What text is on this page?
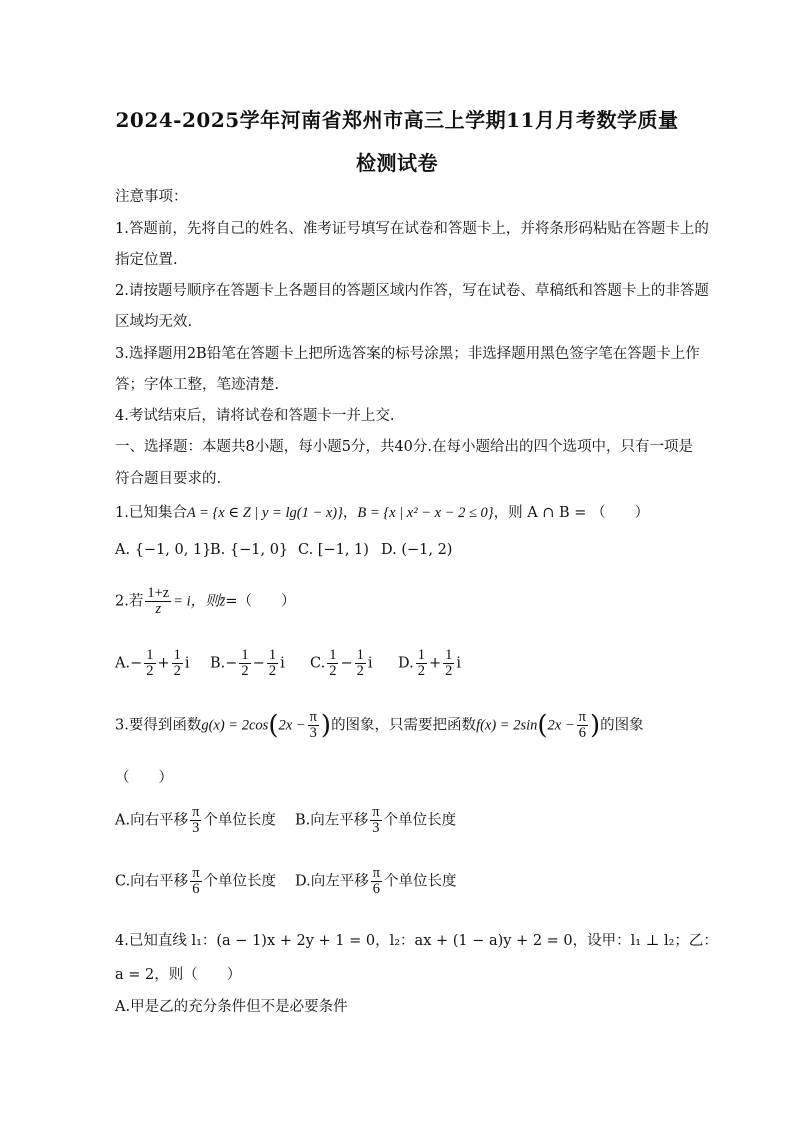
2024-2025学年河南省郑州市高三上学期11月月考数学质量
检测试卷
注意事项：
1.答题前，先将自己的姓名、准考证号填写在试卷和答题卡上，并将条形码粘贴在答题卡上的
指定位置.
2.请按题号顺序在答题卡上各题目的答题区域内作答，写在试卷、草稿纸和答题卡上的非答题
区域均无效.
3.选择题用2B铅笔在答题卡上把所选答案的标号涂黑；非选择题用黑色签字笔在答题卡上作
答；字体工整，笔迹清楚.
4.考试结束后，请将试卷和答题卡一并上交.
一、选择题：本题共8小题，每小题5分，共40分.在每小题给出的四个选项中，只有一项是
符合题目要求的.
1.已知集合A = {x ∈ Z | y = lg(1 − x)}，B = {x | x² − x − 2 ≤ 0}，则 A ∩ B = （　　）
A. {−1, 0, 1}B. {−1, 0} C. [−1, 1) D. (−1, 2)
2.若 $\frac{1+z}{z} = i$，则z̄=（　　）
$A.- \frac{1}{2} + \frac{1}{2}$ i $B.- \frac{1}{2} - \frac{1}{2}$ i C. $\frac{1}{2} - \frac{1}{2}$ i D. $\frac{1}{2} + \frac{1}{2}$ i
3.要得到函数$g(x) = 2\cos(2x - \frac{\pi}{3}$ )的图象，只需要把函数$f(x) = 2\sin(2x - \frac{\pi}{6}$ )的图象
（　　）
A.向右平移 $\frac{\pi}{3}$ 个单位长度 B.向左平移 $\frac{\pi}{3}$ 个单位长度
C.向右平移 $\frac{\pi}{6}$ 个单位长度 D.向左平移 $\frac{\pi}{6}$ 个单位长度
4.已知直线 l₁：(a − 1)x + 2y + 1 = 0，l₂：ax + (1 − a)y + 2 = 0，设甲：l₁ ⊥ l₂；乙：
a = 2，则（　　）
A.甲是乙的充分条件但不是必要条件
